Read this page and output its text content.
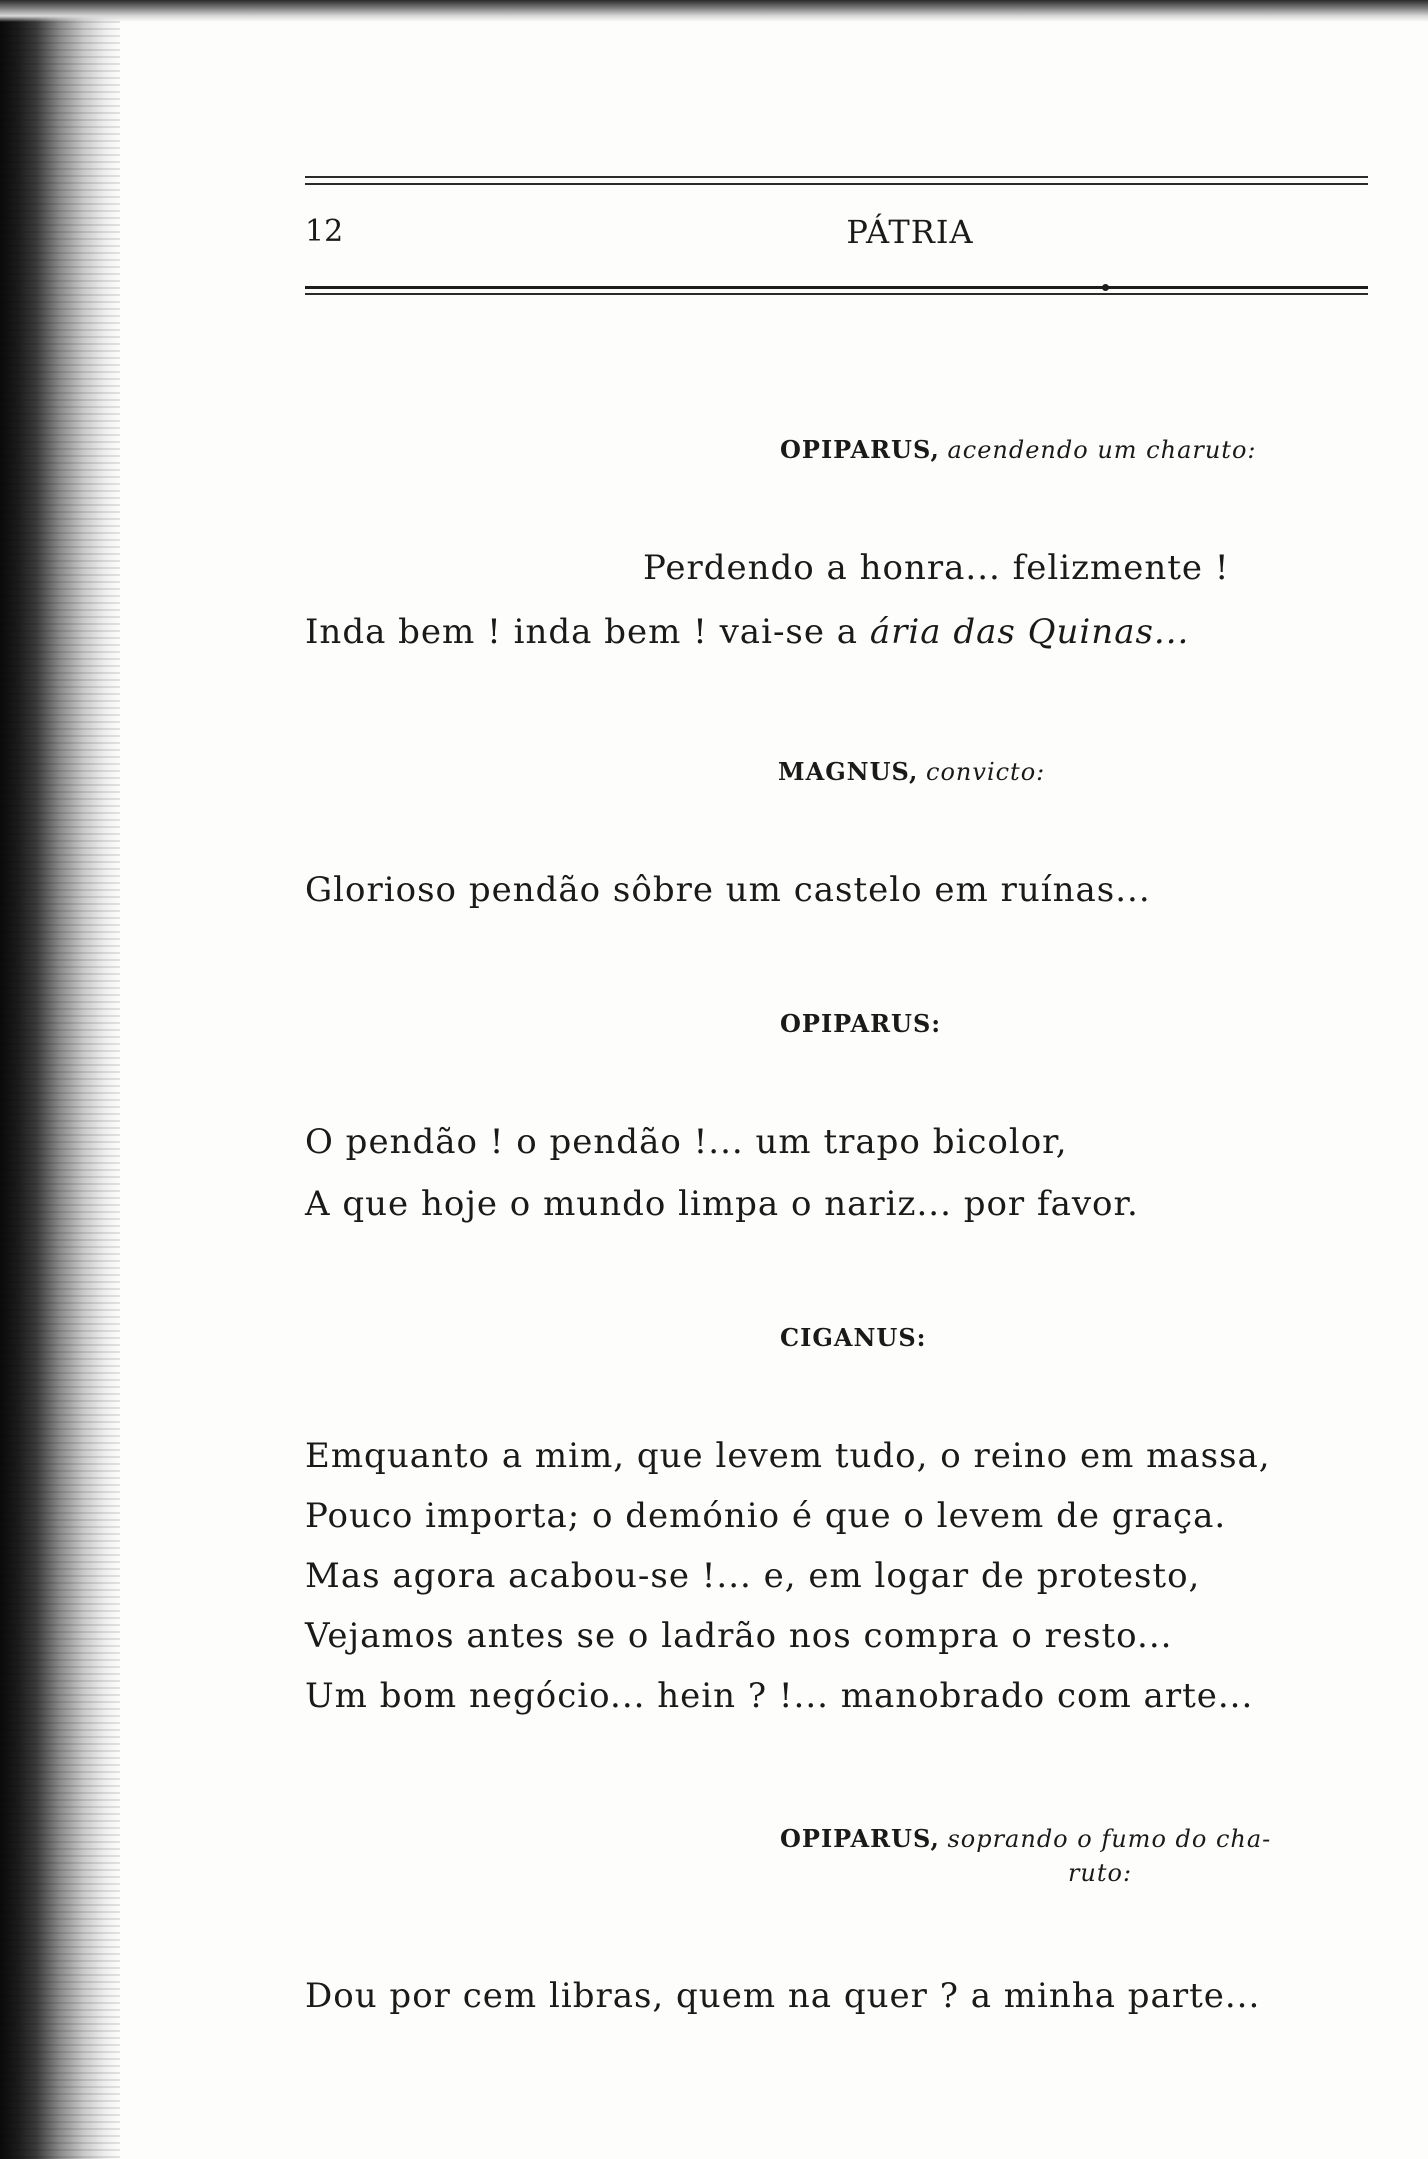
12	PÁTRIA
OPIPARUS, acendendo um charuto:
Perdendo a honra... felizmente !
Inda bem ! inda bem ! vai-se a ária das Quinas...
MAGNUS, convicto:
Glorioso pendão sôbre um castelo em ruínas...
OPIPARUS:
O pendão ! o pendão !... um trapo bicolor,
A que hoje o mundo limpa o nariz... por favor.
CIGANUS:
Emquanto a mim, que levem tudo, o reino em massa,
Pouco importa; o demónio é que o levem de graça.
Mas agora acabou-se !... e, em logar de protesto,
Vejamos antes se o ladrão nos compra o resto...
Um bom negócio... hein ? !... manobrado com arte...
OPIPARUS, soprando o fumo do cha-
ruto:
Dou por cem libras, quem na quer ? a minha parte...
